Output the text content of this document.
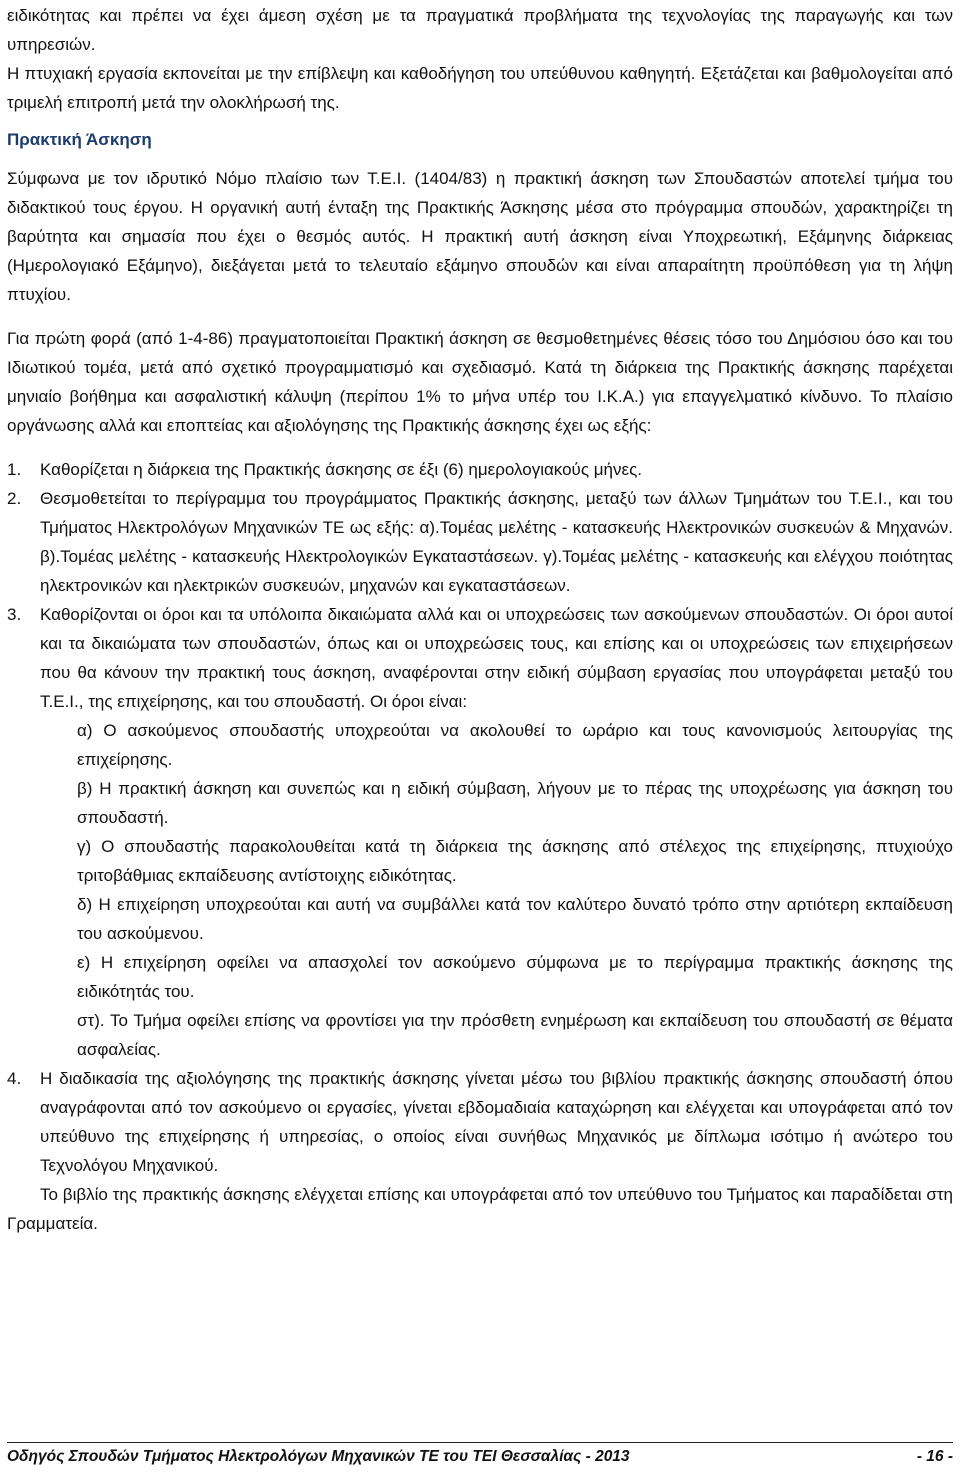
ειδικότητας και πρέπει να έχει άμεση σχέση με τα πραγματικά προβλήματα της τεχνολογίας της παραγωγής και των υπηρεσιών.

Η πτυχιακή εργασία εκπονείται με την επίβλεψη και καθοδήγηση του υπεύθυνου καθηγητή. Εξετάζεται και βαθμολογείται από τριμελή επιτροπή μετά την ολοκλήρωσή της.

Πρακτική Άσκηση

Σύμφωνα με τον ιδρυτικό Νόμο πλαίσιο των Τ.Ε.Ι. (1404/83) η πρακτική άσκηση των Σπουδαστών αποτελεί τμήμα του διδακτικού τους έργου. Η οργανική αυτή ένταξη της Πρακτικής Άσκησης μέσα στο πρόγραμμα σπουδών, χαρακτηρίζει τη βαρύτητα και σημασία που έχει ο θεσμός αυτός. Η πρακτική αυτή άσκηση είναι Υποχρεωτική, Εξάμηνης διάρκειας (Ημερολογιακό Εξάμηνο), διεξάγεται μετά το τελευταίο εξάμηνο σπουδών και είναι απαραίτητη προϋπόθεση για τη λήψη πτυχίου.

Για πρώτη φορά (από 1-4-86) πραγματοποιείται Πρακτική άσκηση σε θεσμοθετημένες θέσεις τόσο του Δημόσιου όσο και του Ιδιωτικού τομέα, μετά από σχετικό προγραμματισμό και σχεδιασμό. Κατά τη διάρκεια της Πρακτικής άσκησης παρέχεται μηνιαίο βοήθημα και ασφαλιστική κάλυψη (περίπου 1% το μήνα υπέρ του Ι.Κ.Α.) για επαγγελματικό κίνδυνο. Το πλαίσιο οργάνωσης αλλά και εποπτείας και αξιολόγησης της Πρακτικής άσκησης έχει ως εξής:

1.	Καθορίζεται η διάρκεια της Πρακτικής άσκησης σε έξι (6) ημερολογιακούς μήνες.
2.	Θεσμοθετείται το περίγραμμα του προγράμματος Πρακτικής άσκησης, μεταξύ των άλλων Τμημάτων του Τ.Ε.Ι., και του Τμήματος Ηλεκτρολόγων Μηχανικών ΤΕ ως εξής: α).Τομέας μελέτης - κατασκευής Ηλεκτρονικών συσκευών & Μηχανών. β).Τομέας μελέτης - κατασκευής Ηλεκτρολογικών Εγκαταστάσεων. γ).Τομέας μελέτης - κατασκευής και ελέγχου ποιότητας ηλεκτρονικών και ηλεκτρικών συσκευών, μηχανών και εγκαταστάσεων.
3.	Καθορίζονται οι όροι και τα υπόλοιπα δικαιώματα αλλά και οι υποχρεώσεις των ασκούμενων σπουδαστών. Οι όροι αυτοί και τα δικαιώματα των σπουδαστών, όπως και οι υποχρεώσεις τους, και επίσης και οι υποχρεώσεις των επιχειρήσεων που θα κάνουν την πρακτική τους άσκηση, αναφέρονται στην ειδική σύμβαση εργασίας που υπογράφεται μεταξύ του Τ.Ε.Ι., της επιχείρησης, και του σπουδαστή. Οι όροι είναι:

α) Ο ασκούμενος σπουδαστής υποχρεούται να ακολουθεί το ωράριο και τους κανονισμούς λειτουργίας της επιχείρησης.

β) Η πρακτική άσκηση και συνεπώς και η ειδική σύμβαση, λήγουν με το πέρας της υποχρέωσης για άσκηση του σπουδαστή.

γ) Ο σπουδαστής παρακολουθείται κατά τη διάρκεια της άσκησης από στέλεχος της επιχείρησης, πτυχιούχο τριτοβάθμιας εκπαίδευσης αντίστοιχης ειδικότητας.

δ) Η επιχείρηση υποχρεούται και αυτή να συμβάλλει κατά τον καλύτερο δυνατό τρόπο στην αρτιότερη εκπαίδευση του ασκούμενου.

ε) Η επιχείρηση οφείλει να απασχολεί τον ασκούμενο σύμφωνα με το περίγραμμα πρακτικής άσκησης της ειδικότητάς του.

στ). Το Τμήμα οφείλει επίσης να φροντίσει για την πρόσθετη ενημέρωση και εκπαίδευση του σπουδαστή σε θέματα ασφαλείας.

4.	Η διαδικασία της αξιολόγησης της πρακτικής άσκησης γίνεται μέσω του βιβλίου πρακτικής άσκησης σπουδαστή όπου αναγράφονται από τον ασκούμενο οι εργασίες, γίνεται εβδομαδιαία καταχώρηση και ελέγχεται και υπογράφεται από τον υπεύθυνο της επιχείρησης ή υπηρεσίας, ο οποίος είναι συνήθως Μηχανικός με δίπλωμα ισότιμο ή ανώτερο του Τεχνολόγου Μηχανικού.

Το βιβλίο της πρακτικής άσκησης ελέγχεται επίσης και υπογράφεται από τον υπεύθυνο του Τμήματος και παραδίδεται στη Γραμματεία.

Οδηγός Σπουδών Τμήματος Ηλεκτρολόγων Μηχανικών ΤΕ του ΤΕΙ Θεσσαλίας - 2013	- 16 -
